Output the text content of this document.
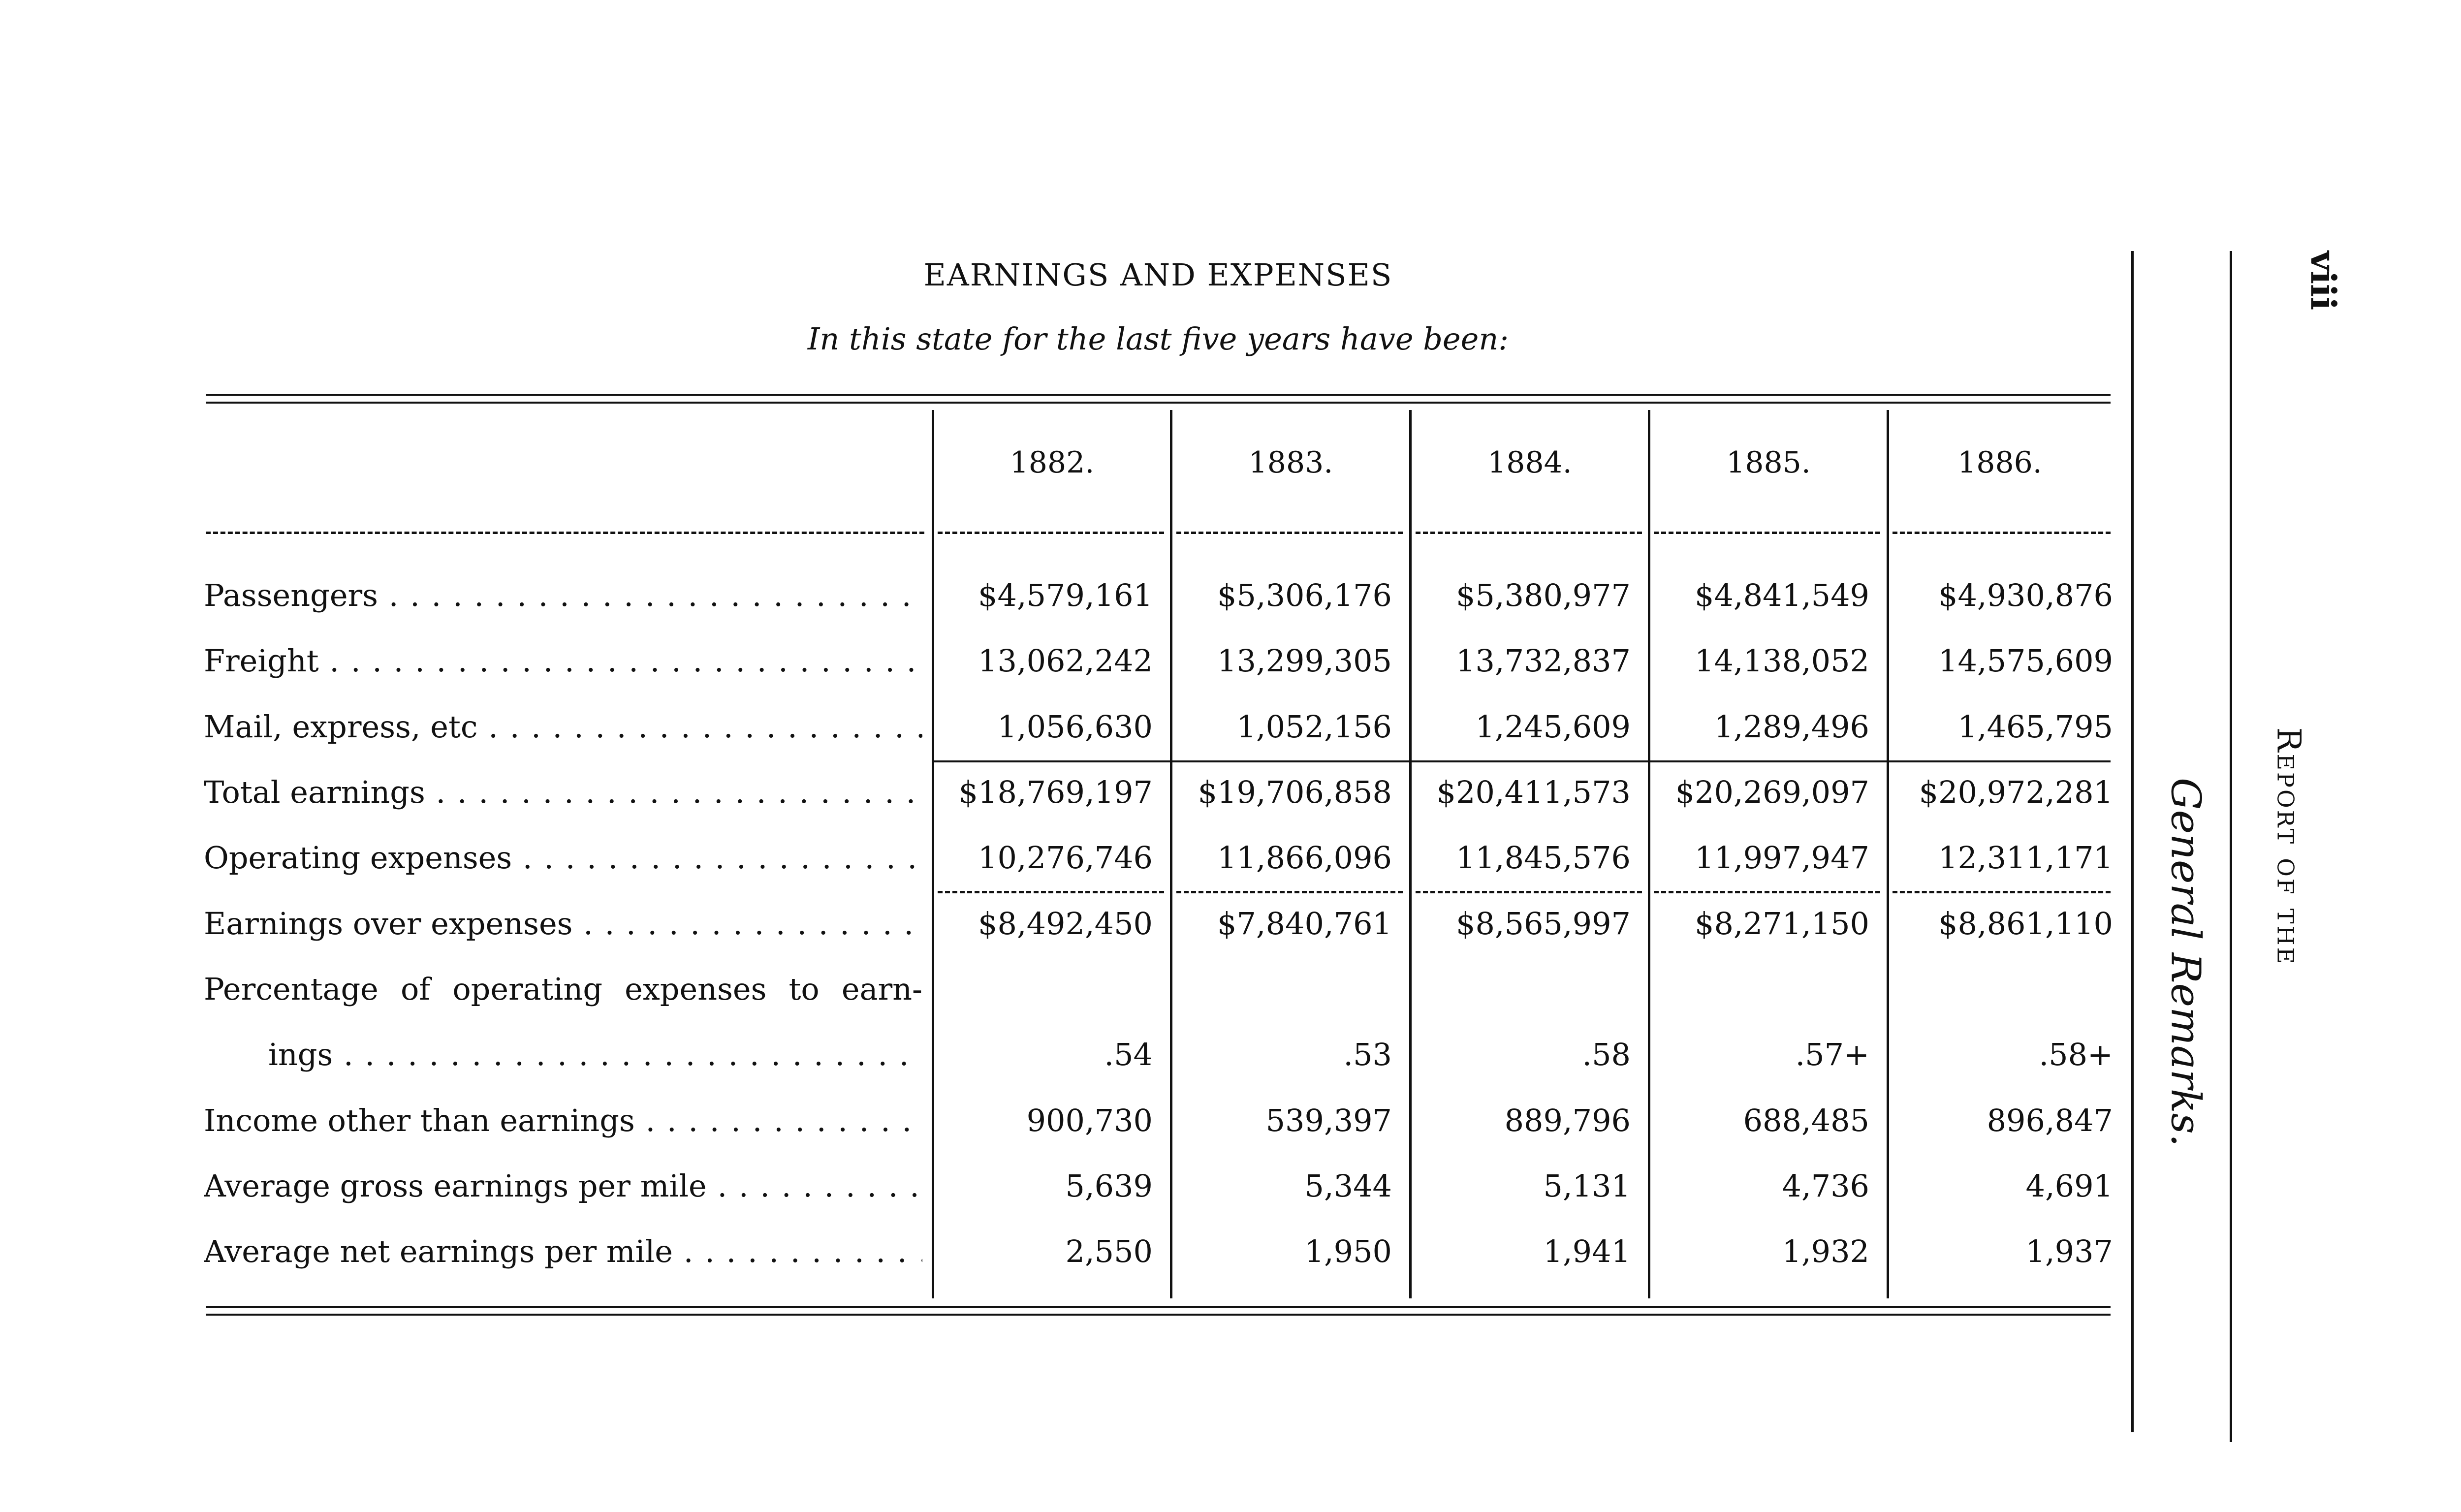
EARNINGS AND EXPENSES
In this state for the last five years have been:
1882.	1883.	1884.	1885.	1886.
Passengers . . .	$4,579,161	$5,306,176	$5,380,977	$4,841,549	$4,930,876
Freight . . .	13,062,242	13,299,305	13,732,837	14,138,052	14,575,609
Mail, express, etc . . .	1,056,630	1,052,156	1,245,609	1,289,496	1,465,795
Total earnings . . .	$18,769,197	$19,706,858	$20,411,573	$20,269,097	$20,972,281
Operating expenses . . .	10,276,746	11,866,096	11,845,576	11,997,947	12,311,171
Earnings over expenses . . .	$8,492,450	$7,840,761	$8,565,997	$8,271,150	$8,861,110
Percentage of operating expenses to earn-
ings . . .	.54	.53	.58	.57+	.58+
Income other than earnings . . .	900,730	539,397	889,796	688,485	896,847
Average gross earnings per mile . . .	5,639	5,344	5,131	4,736	4,691
Average net earnings per mile . . .	2,550	1,950	1,941	1,932	1,937
General Remarks. Report of the
viii
